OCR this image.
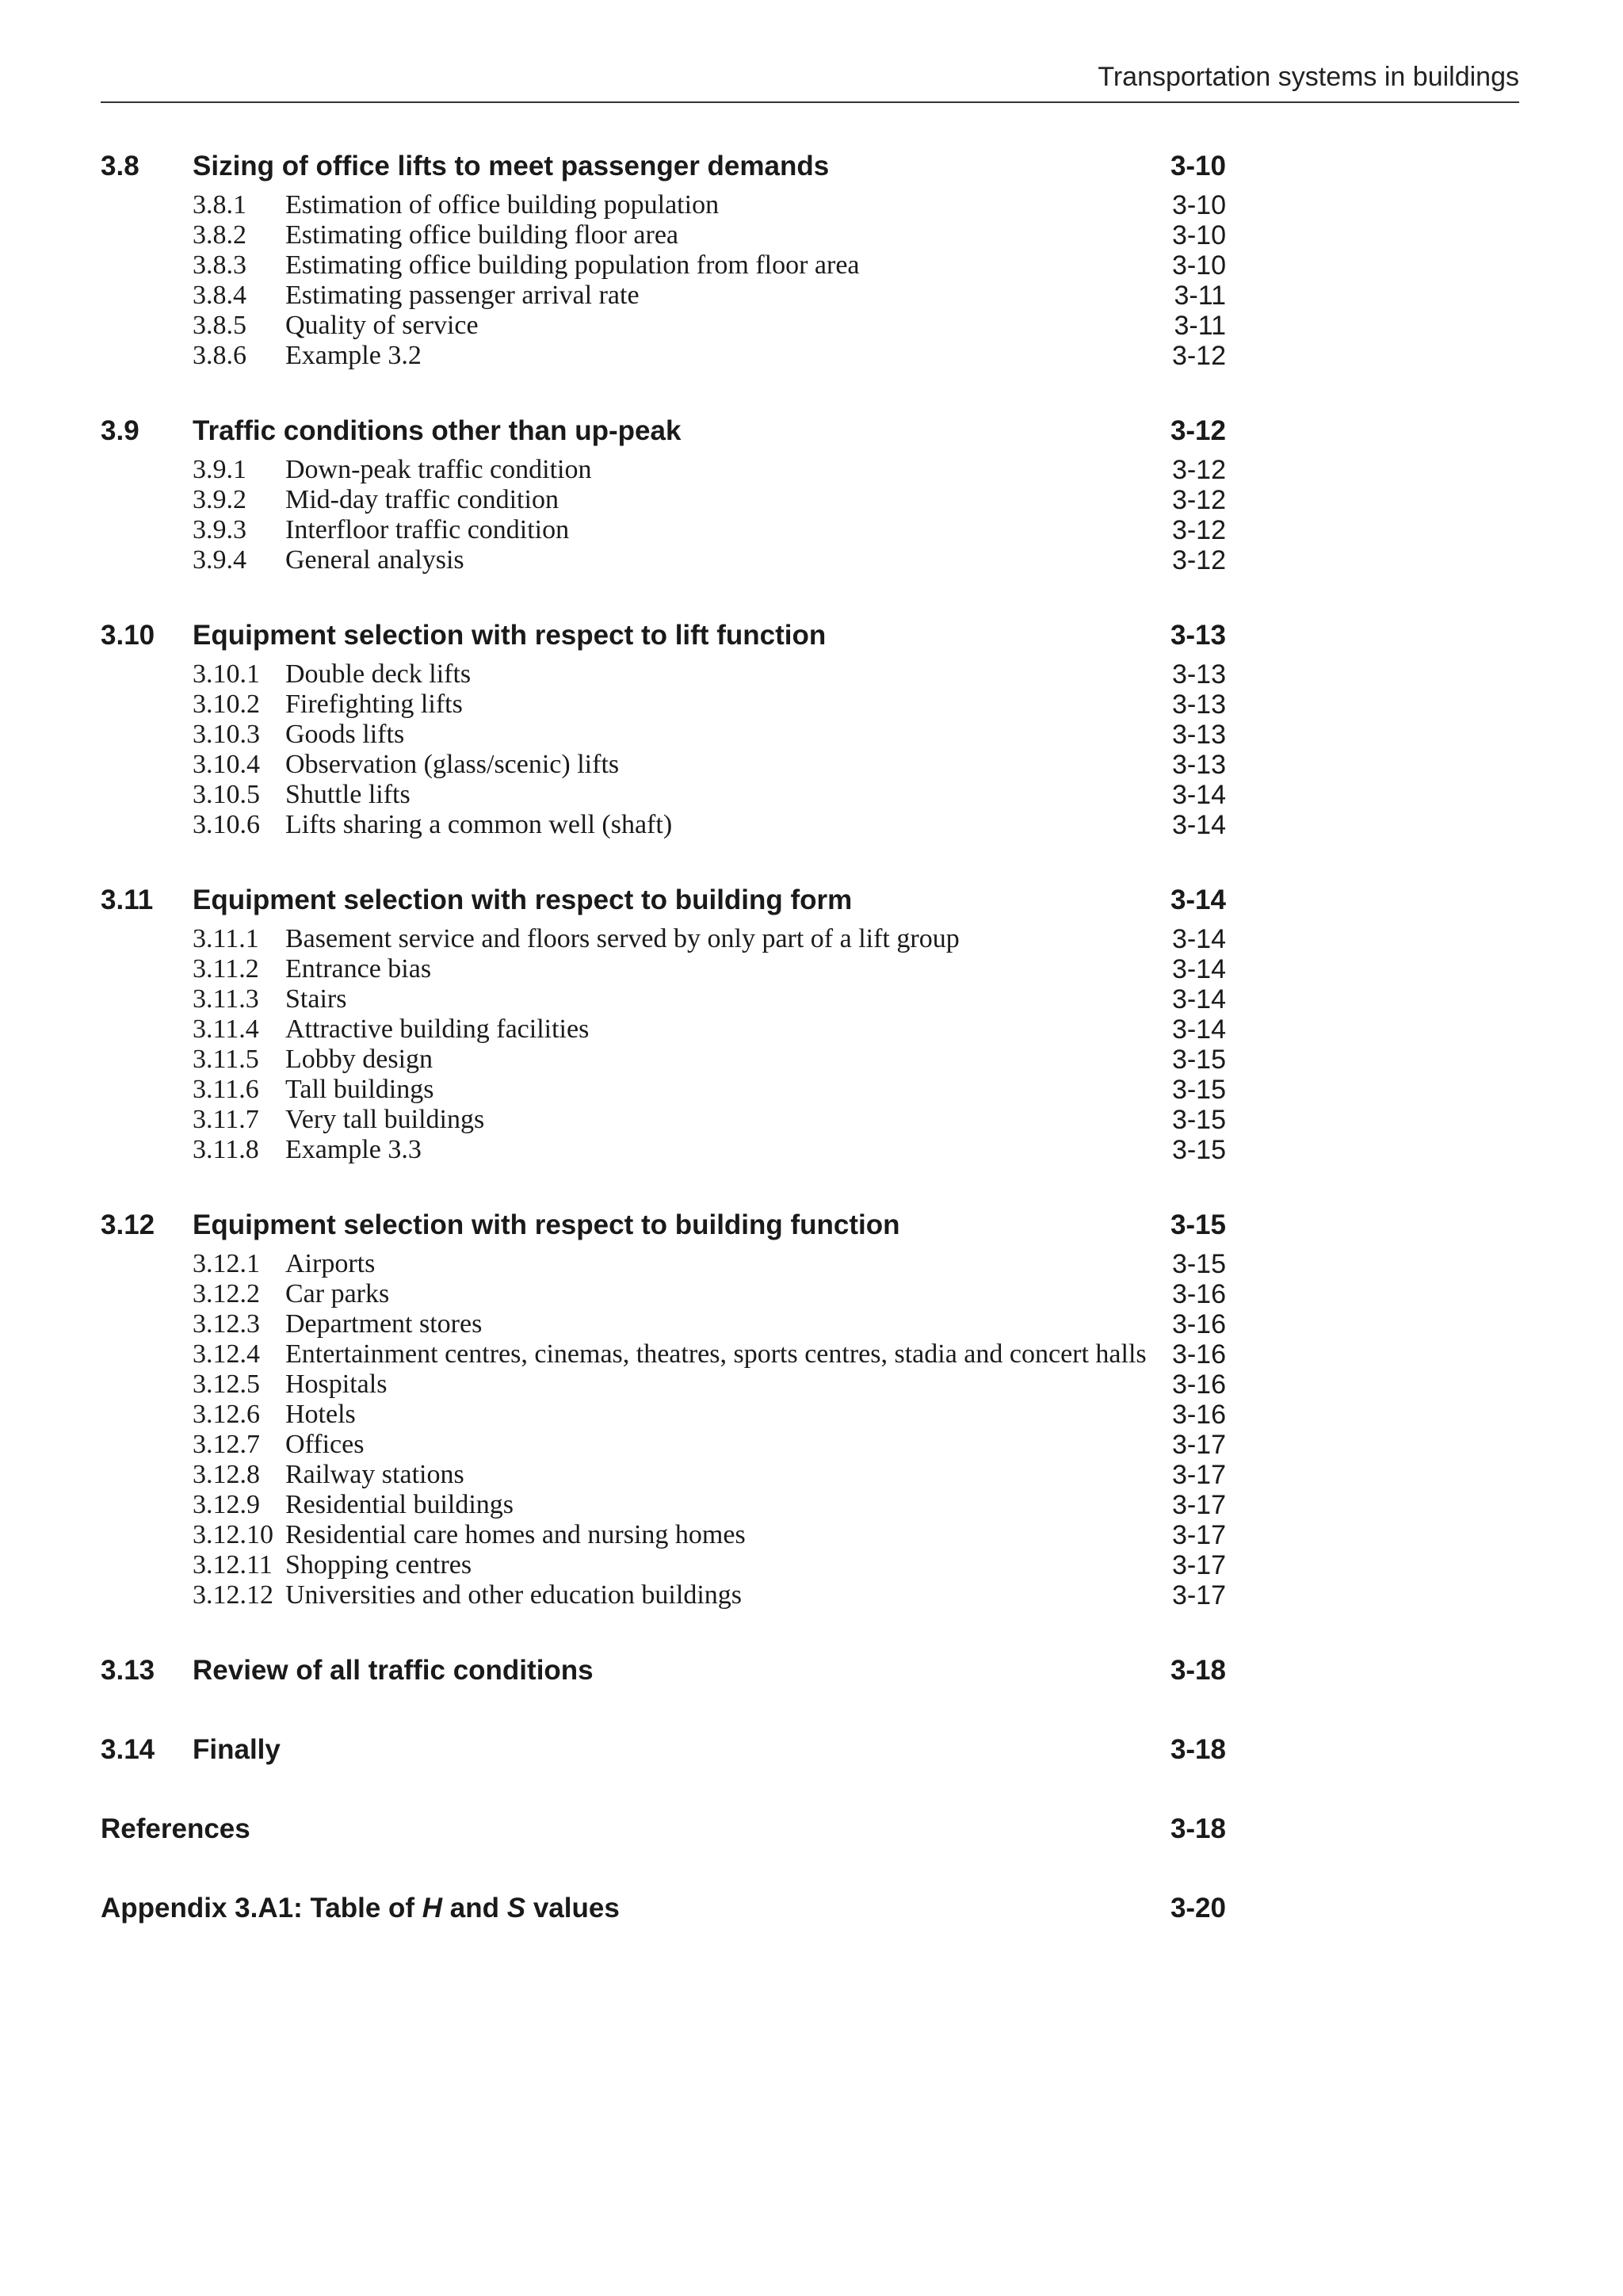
Transportation systems in buildings
3.8 Sizing of office lifts to meet passenger demands	3-10
3.8.1 Estimation of office building population	3-10
3.8.2 Estimating office building floor area	3-10
3.8.3 Estimating office building population from floor area	3-10
3.8.4 Estimating passenger arrival rate	3-11
3.8.5 Quality of service	3-11
3.8.6 Example 3.2	3-12
3.9 Traffic conditions other than up-peak	3-12
3.9.1 Down-peak traffic condition	3-12
3.9.2 Mid-day traffic condition	3-12
3.9.3 Interfloor traffic condition	3-12
3.9.4 General analysis	3-12
3.10 Equipment selection with respect to lift function	3-13
3.10.1 Double deck lifts	3-13
3.10.2 Firefighting lifts	3-13
3.10.3 Goods lifts	3-13
3.10.4 Observation (glass/scenic) lifts	3-13
3.10.5 Shuttle lifts	3-14
3.10.6 Lifts sharing a common well (shaft)	3-14
3.11 Equipment selection with respect to building form	3-14
3.11.1 Basement service and floors served by only part of a lift group	3-14
3.11.2 Entrance bias	3-14
3.11.3 Stairs	3-14
3.11.4 Attractive building facilities	3-14
3.11.5 Lobby design	3-15
3.11.6 Tall buildings	3-15
3.11.7 Very tall buildings	3-15
3.11.8 Example 3.3	3-15
3.12 Equipment selection with respect to building function	3-15
3.12.1 Airports	3-15
3.12.2 Car parks	3-16
3.12.3 Department stores	3-16
3.12.4 Entertainment centres, cinemas, theatres, sports centres, stadia and concert halls 3-16
3.12.5 Hospitals	3-16
3.12.6 Hotels	3-16
3.12.7 Offices	3-17
3.12.8 Railway stations	3-17
3.12.9 Residential buildings	3-17
3.12.10 Residential care homes and nursing homes	3-17
3.12.11 Shopping centres	3-17
3.12.12 Universities and other education buildings	3-17
3.13 Review of all traffic conditions	3-18
3.14 Finally	3-18
References	3-18
Appendix 3.A1: Table of H and S values	3-20
